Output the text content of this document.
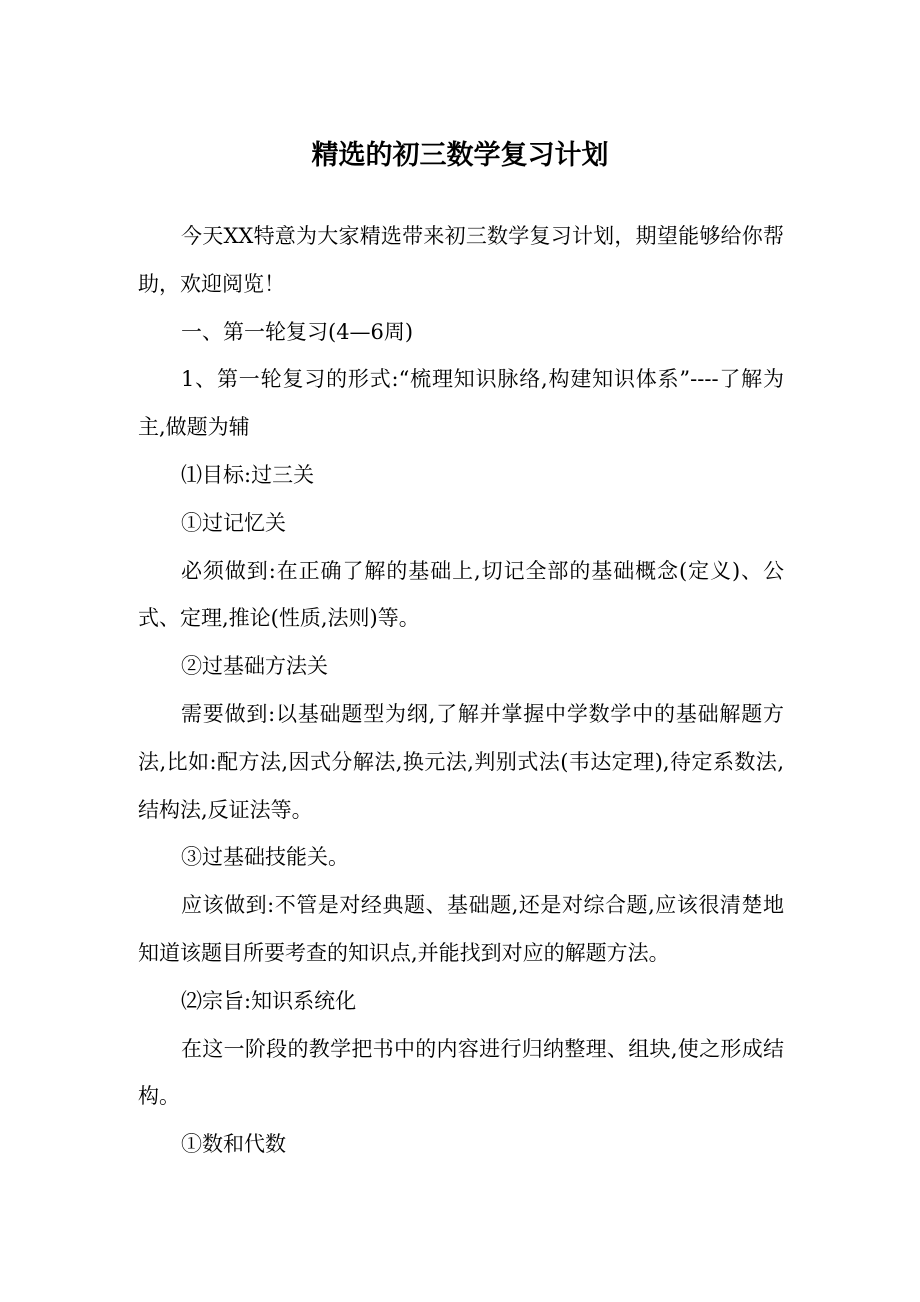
精选的初三数学复习计划

今天XX特意为大家精选带来初三数学复习计划，期望能够给你帮助，欢迎阅览！

一、第一轮复习(4—6周)

1、第一轮复习的形式:“梳理知识脉络,构建知识体系”----了解为主,做题为辅

⑴目标:过三关

①过记忆关

必须做到:在正确了解的基础上,切记全部的基础概念(定义)、公式、定理,推论(性质,法则)等。

②过基础方法关

需要做到:以基础题型为纲,了解并掌握中学数学中的基础解题方法,比如:配方法,因式分解法,换元法,判别式法(韦达定理),待定系数法,结构法,反证法等。

③过基础技能关。

应该做到:不管是对经典题、基础题,还是对综合题,应该很清楚地知道该题目所要考查的知识点,并能找到对应的解题方法。

⑵宗旨:知识系统化

在这一阶段的教学把书中的内容进行归纳整理、组块,使之形成结构。

①数和代数
